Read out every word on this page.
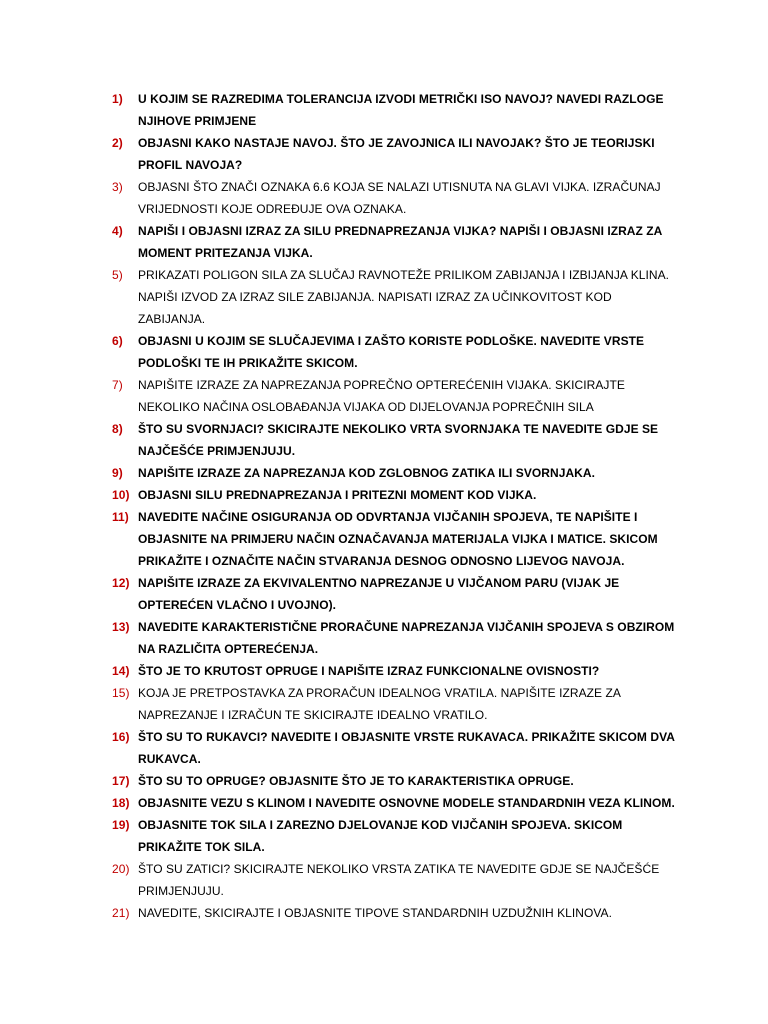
1)	U KOJIM SE RAZREDIMA TOLERANCIJA IZVODI METRIČKI ISO NAVOJ? NAVEDI RAZLOGE NJIHOVE PRIMJENE
2)	OBJASNI KAKO NASTAJE NAVOJ. ŠTO JE ZAVOJNICA ILI NAVOJAK? ŠTO JE TEORIJSKI PROFIL NAVOJA?
3)	OBJASNI ŠTO ZNAČI OZNAKA 6.6 KOJA SE NALAZI UTISNUTA NA GLAVI VIJKA. IZRAČUNAJ VRIJEDNOSTI KOJE ODREĐUJE OVA OZNAKA.
4)	NAPIŠI I OBJASNI IZRAZ ZA SILU PREDNAPREZANJA VIJKA? NAPIŠI I OBJASNI IZRAZ ZA MOMENT PRITEZANJA VIJKA.
5)	PRIKAZATI POLIGON SILA ZA SLUČAJ RAVNOTEŽE PRILIKOM ZABIJANJA I IZBIJANJA KLINA. NAPIŠI IZVOD ZA IZRAZ SILE ZABIJANJA. NAPISATI IZRAZ ZA UČINKOVITOST KOD ZABIJANJA.
6)	OBJASNI U KOJIM SE SLUČAJEVIMA I ZAŠTO KORISTE PODLOŠKE. NAVEDITE VRSTE PODLOŠKI TE IH PRIKAŽITE SKICOM.
7)	NAPIŠITE IZRAZE ZA NAPREZANJA POPREČNO OPTEREĆENIH VIJAKA. SKICIRAJTE NEKOLIKO NAČINA OSLOBAĐANJA VIJAKA OD DIJELOVANJA POPREČNIH SILA
8)	ŠTO SU SVORNJACI? SKICIRAJTE NEKOLIKO VRTA SVORNJAKA TE NAVEDITE GDJE SE NAJČEŠĆE PRIMJENJUJU.
9)	NAPIŠITE IZRAZE ZA NAPREZANJA KOD ZGLOBNOG ZATIKA ILI SVORNJAKA.
10) OBJASNI SILU PREDNAPREZANJA I PRITEZNI MOMENT KOD VIJKA.
11) NAVEDITE NAČINE OSIGURANJA OD ODVRTANJA VIJČANIH SPOJEVA, TE NAPIŠITE I OBJASNITE NA PRIMJERU NAČIN OZNAČAVANJA MATERIJALA VIJKA I MATICE. SKICOM PRIKAŽITE I OZNAČITE NAČIN STVARANJA DESNOG ODNOSNO LIJEVOG NAVOJA.
12) NAPIŠITE IZRAZE ZA EKVIVALENTNO NAPREZANJE U VIJČANOM PARU (VIJAK JE OPTEREĆEN VLAČNO I UVOJNO).
13) NAVEDITE KARAKTERISTIČNE PRORAČUNE NAPREZANJA VIJČANIH SPOJEVA S OBZIROM NA RAZLIČITA OPTEREĆENJA.
14) ŠTO JE TO KRUTOST OPRUGE I NAPIŠITE IZRAZ FUNKCIONALNE OVISNOSTI?
15) KOJA JE PRETPOSTAVKA ZA PRORAČUN IDEALNOG VRATILA. NAPIŠITE IZRAZE ZA NAPREZANJE I IZRAČUN TE SKICIRAJTE IDEALNO VRATILO.
16) ŠTO SU TO RUKAVCI? NAVEDITE I OBJASNITE VRSTE RUKAVACA. PRIKAŽITE SKICOM DVA RUKAVCA.
17) ŠTO SU TO OPRUGE? OBJASNITE ŠTO JE TO KARAKTERISTIKA OPRUGE.
18) OBJASNITE VEZU S KLINOM I NAVEDITE OSNOVNE MODELE STANDARDNIH VEZA KLINOM.
19) OBJASNITE TOK SILA I ZAREZNO DJELOVANJE KOD VIJČANIH SPOJEVA. SKICOM PRIKAŽITE TOK SILA.
20) ŠTO SU ZATICI? SKICIRAJTE NEKOLIKO VRSTA ZATIKA TE NAVEDITE GDJE SE NAJČEŠĆE PRIMJENJUJU.
21) NAVEDITE, SKICIRAJTE I OBJASNITE TIPOVE STANDARDNIH UZDUŽNIH KLINOVA.
